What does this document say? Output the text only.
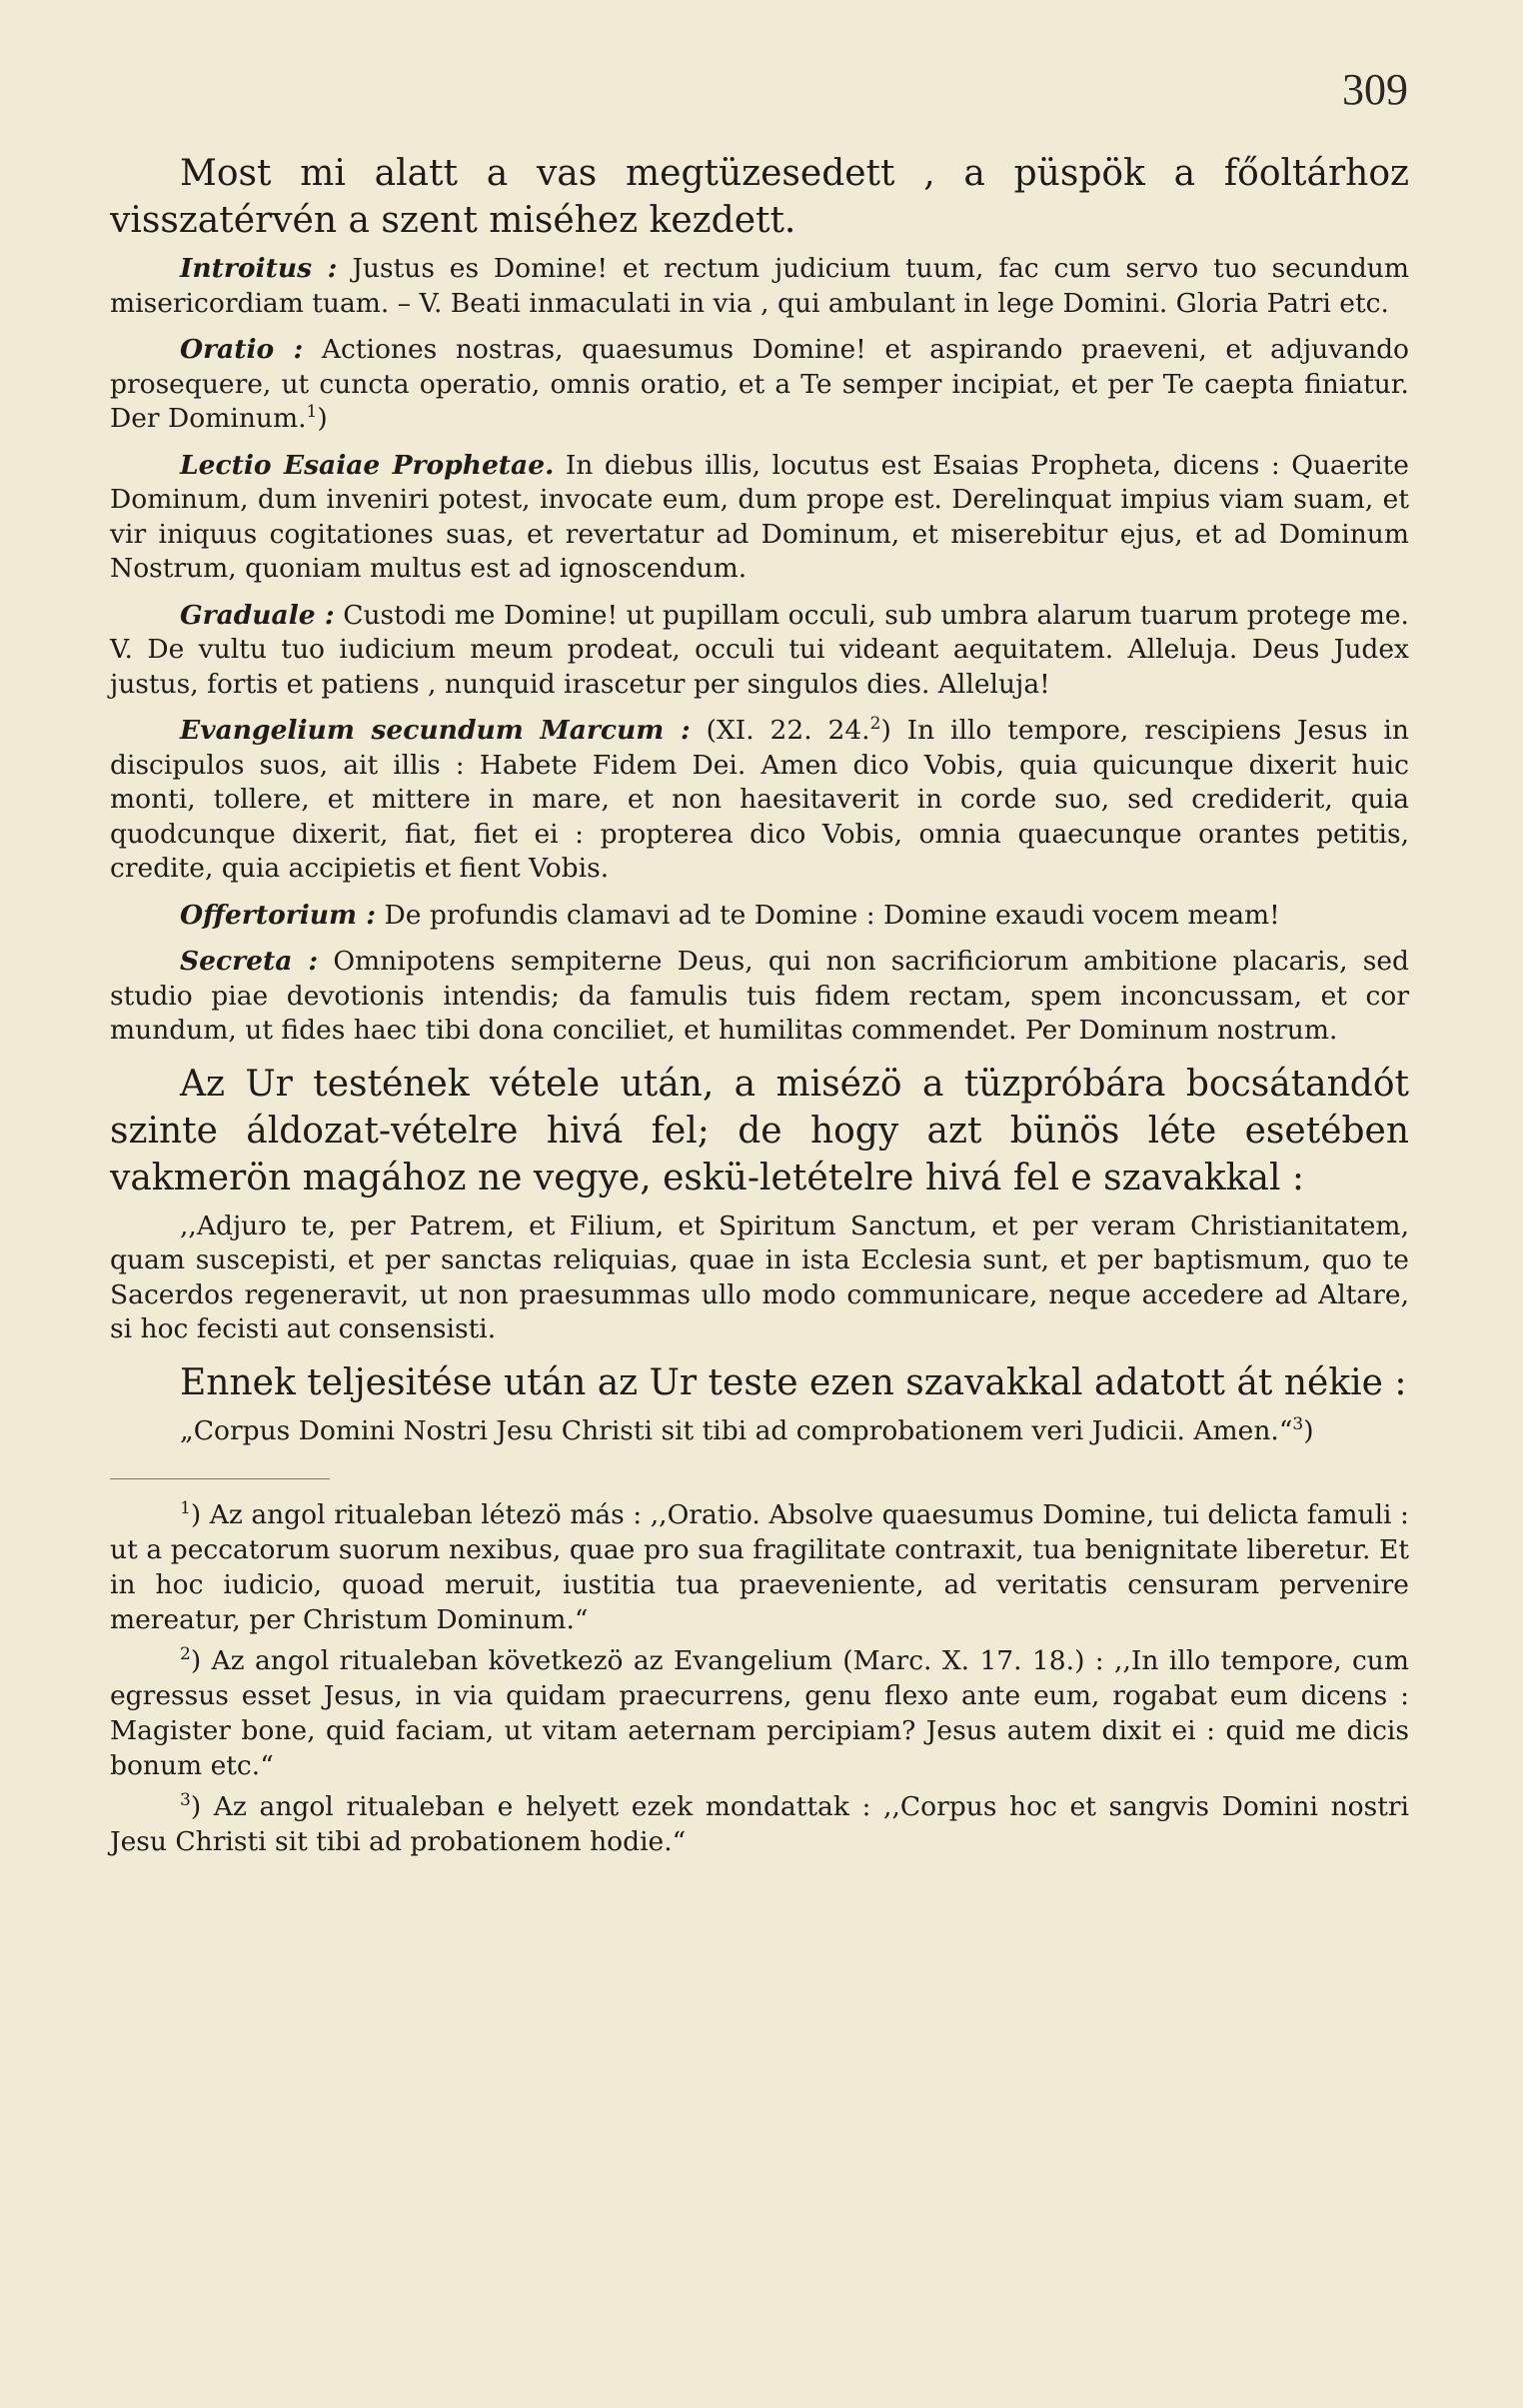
309

Most mi alatt a vas megtüzesedett , a püspök a főoltárhoz visszatérvén a szent miséhez kezdett.

Introitus : Justus es Domine! et rectum judicium tuum, fac cum servo tuo secundum misericordiam tuam. – V. Beati inmaculati in via , qui ambulant in lege Domini. Gloria Patri etc.

Oratio : Actiones nostras, quaesumus Domine! et aspirando praeveni, et adjuvando prosequere, ut cuncta operatio, omnis oratio, et a Te semper incipiat, et per Te caepta finiatur. Der Dominum.$^1$)

Lectio Esaiae Prophetae. In diebus illis, locutus est Esaias Propheta, dicens : Quaerite Dominum, dum inveniri potest, invocate eum, dum prope est. Derelinquat impius viam suam, et vir iniquus cogitationes suas, et revertatur ad Dominum, et miserebitur ejus, et ad Dominum Nostrum, quoniam multus est ad ignoscendum.

Graduale : Custodi me Domine! ut pupillam occuli, sub umbra alarum tuarum protege me. V. De vultu tuo iudicium meum prodeat, occuli tui videant aequitatem. Alleluja. Deus Judex justus, fortis et patiens , nunquid irascetur per singulos dies. Alleluja!

Evangelium secundum Marcum : (XI. 22. 24.$^2$) In illo tempore, rescipiens Jesus in discipulos suos, ait illis : Habete Fidem Dei. Amen dico Vobis, quia quicunque dixerit huic monti, tollere, et mittere in mare, et non haesitaverit in corde suo, sed crediderit, quia quodcunque dixerit, fiat, fiet ei : propterea dico Vobis, omnia quaecunque orantes petitis, credite, quia accipietis et fient Vobis.

Offertorium : De profundis clamavi ad te Domine : Domine exaudi vocem meam!

Secreta : Omnipotens sempiterne Deus, qui non sacrificiorum ambitione placaris, sed studio piae devotionis intendis; da famulis tuis fidem rectam, spem inconcussam, et cor mundum, ut fides haec tibi dona conciliet, et humilitas commendet. Per Dominum nostrum.

Az Ur testének vétele után, a misézö a tüzpróbára bocsátandót szinte áldozat-vételre hivá fel; de hogy azt bünös léte esetében vakmerön magához ne vegye, eskü-letételre hivá fel e szavakkal :

,,Adjuro te, per Patrem, et Filium, et Spiritum Sanctum, et per veram Christianitatem, quam suscepisti, et per sanctas reliquias, quae in ista Ecclesia sunt, et per baptismum, quo te Sacerdos regeneravit, ut non praesummas ullo modo communicare, neque accedere ad Altare, si hoc fecisti aut consensisti.

Ennek teljesitése után az Ur teste ezen szavakkal adatott át nékie :

„Corpus Domini Nostri Jesu Christi sit tibi ad comprobationem veri Judicii. Amen.“$^3$)

$^1$) Az angol ritualeban létezö más : ,,Oratio. Absolve quaesumus Domine, tui delicta famuli : ut a peccatorum suorum nexibus, quae pro sua fragilitate contraxit, tua benignitate liberetur. Et in hoc iudicio, quoad meruit, iustitia tua praeveniente, ad veritatis censuram pervenire mereatur, per Christum Dominum.“

$^2$) Az angol ritualeban következö az Evangelium (Marc. X. 17. 18.) : ,,In illo tempore, cum egressus esset Jesus, in via quidam praecurrens, genu flexo ante eum, rogabat eum dicens : Magister bone, quid faciam, ut vitam aeternam percipiam? Jesus autem dixit ei : quid me dicis bonum etc.“

$^3$) Az angol ritualeban e helyett ezek mondattak : ,,Corpus hoc et sangvis Domini nostri Jesu Christi sit tibi ad probationem hodie.“
